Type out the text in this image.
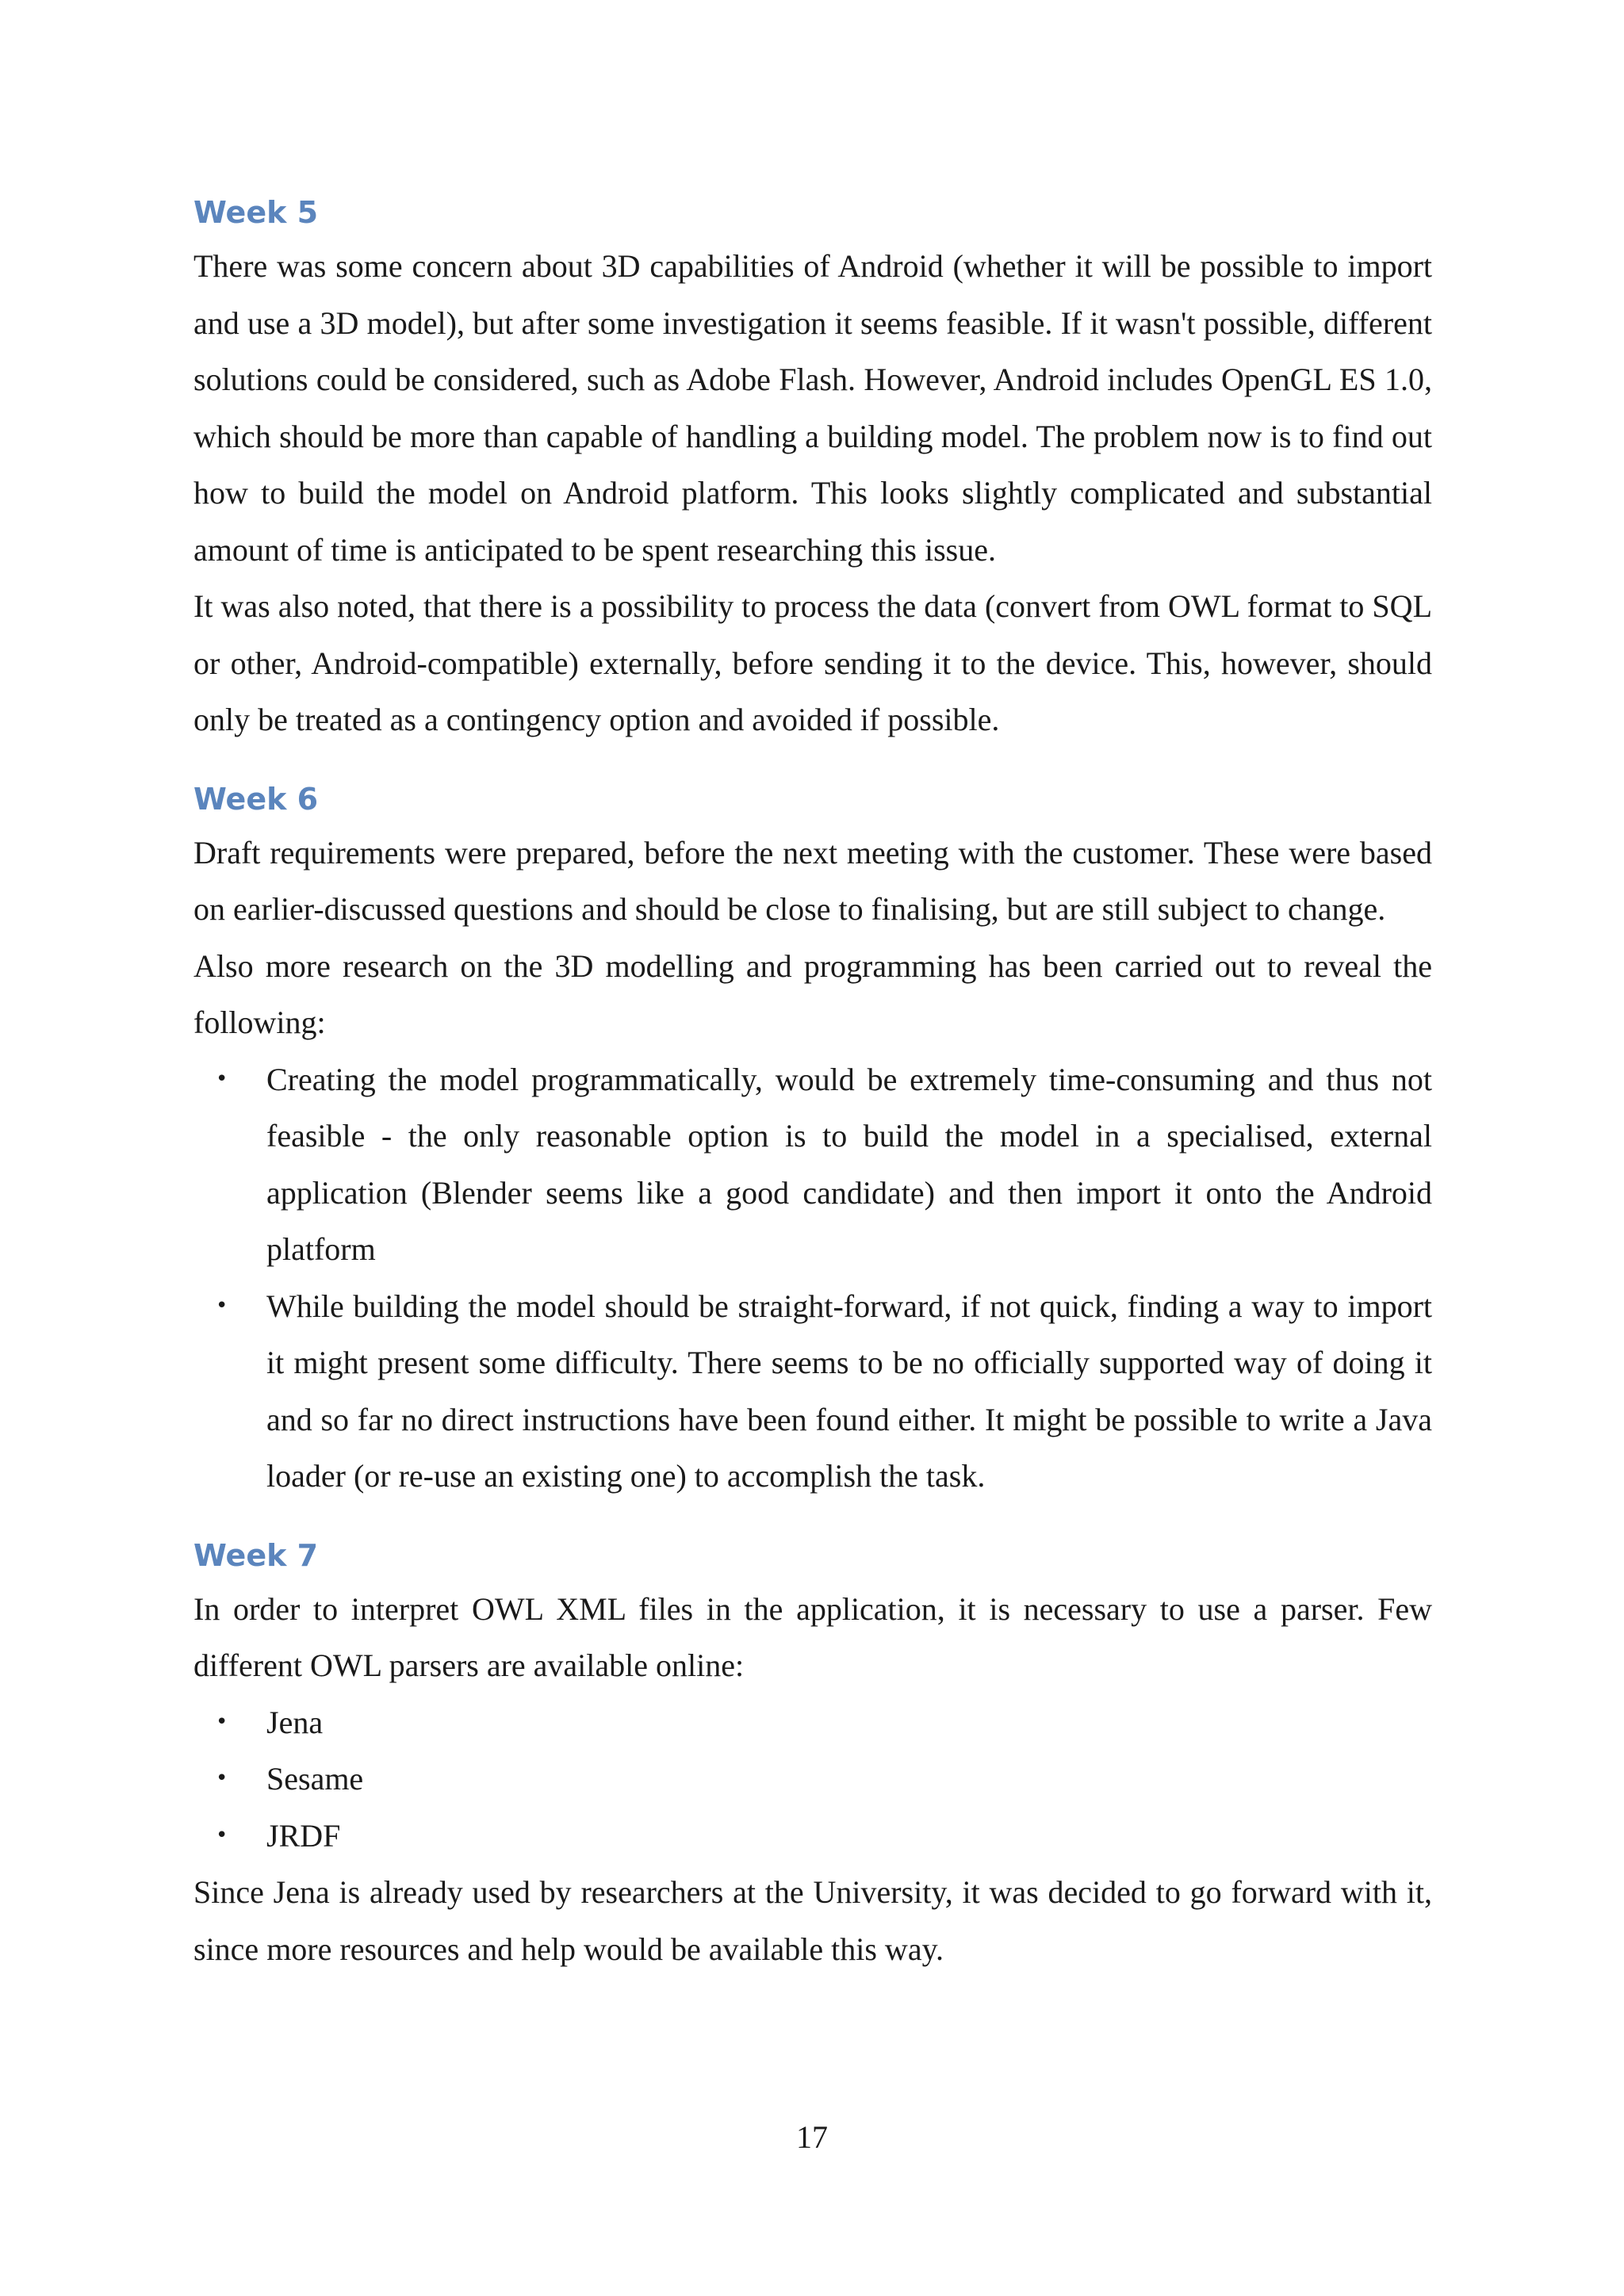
Week 5

There was some concern about 3D capabilities of Android (whether it will be possible to import and use a 3D model), but after some investigation it seems feasible. If it wasn't possible, different solutions could be considered, such as Adobe Flash. However, Android includes OpenGL ES 1.0, which should be more than capable of handling a building model. The problem now is to find out how to build the model on Android platform. This looks slightly complicated and substantial amount of time is anticipated to be spent researching this issue.

It was also noted, that there is a possibility to process the data (convert from OWL format to SQL or other, Android-compatible) externally, before sending it to the device. This, however, should only be treated as a contingency option and avoided if possible.

Week 6

Draft requirements were prepared, before the next meeting with the customer. These were based on earlier-discussed questions and should be close to finalising, but are still subject to change.

Also more research on the 3D modelling and programming has been carried out to reveal the following:

• Creating the model programmatically, would be extremely time-consuming and thus not feasible - the only reasonable option is to build the model in a specialised, external application (Blender seems like a good candidate) and then import it onto the Android platform
• While building the model should be straight-forward, if not quick, finding a way to import it might present some difficulty. There seems to be no officially supported way of doing it and so far no direct instructions have been found either. It might be possible to write a Java loader (or re-use an existing one) to accomplish the task.
Week 7

In order to interpret OWL XML files in the application, it is necessary to use a parser. Few different OWL parsers are available online:

• Jena
• Sesame
• JRDF

Since Jena is already used by researchers at the University, it was decided to go forward with it, since more resources and help would be available this way.

17
